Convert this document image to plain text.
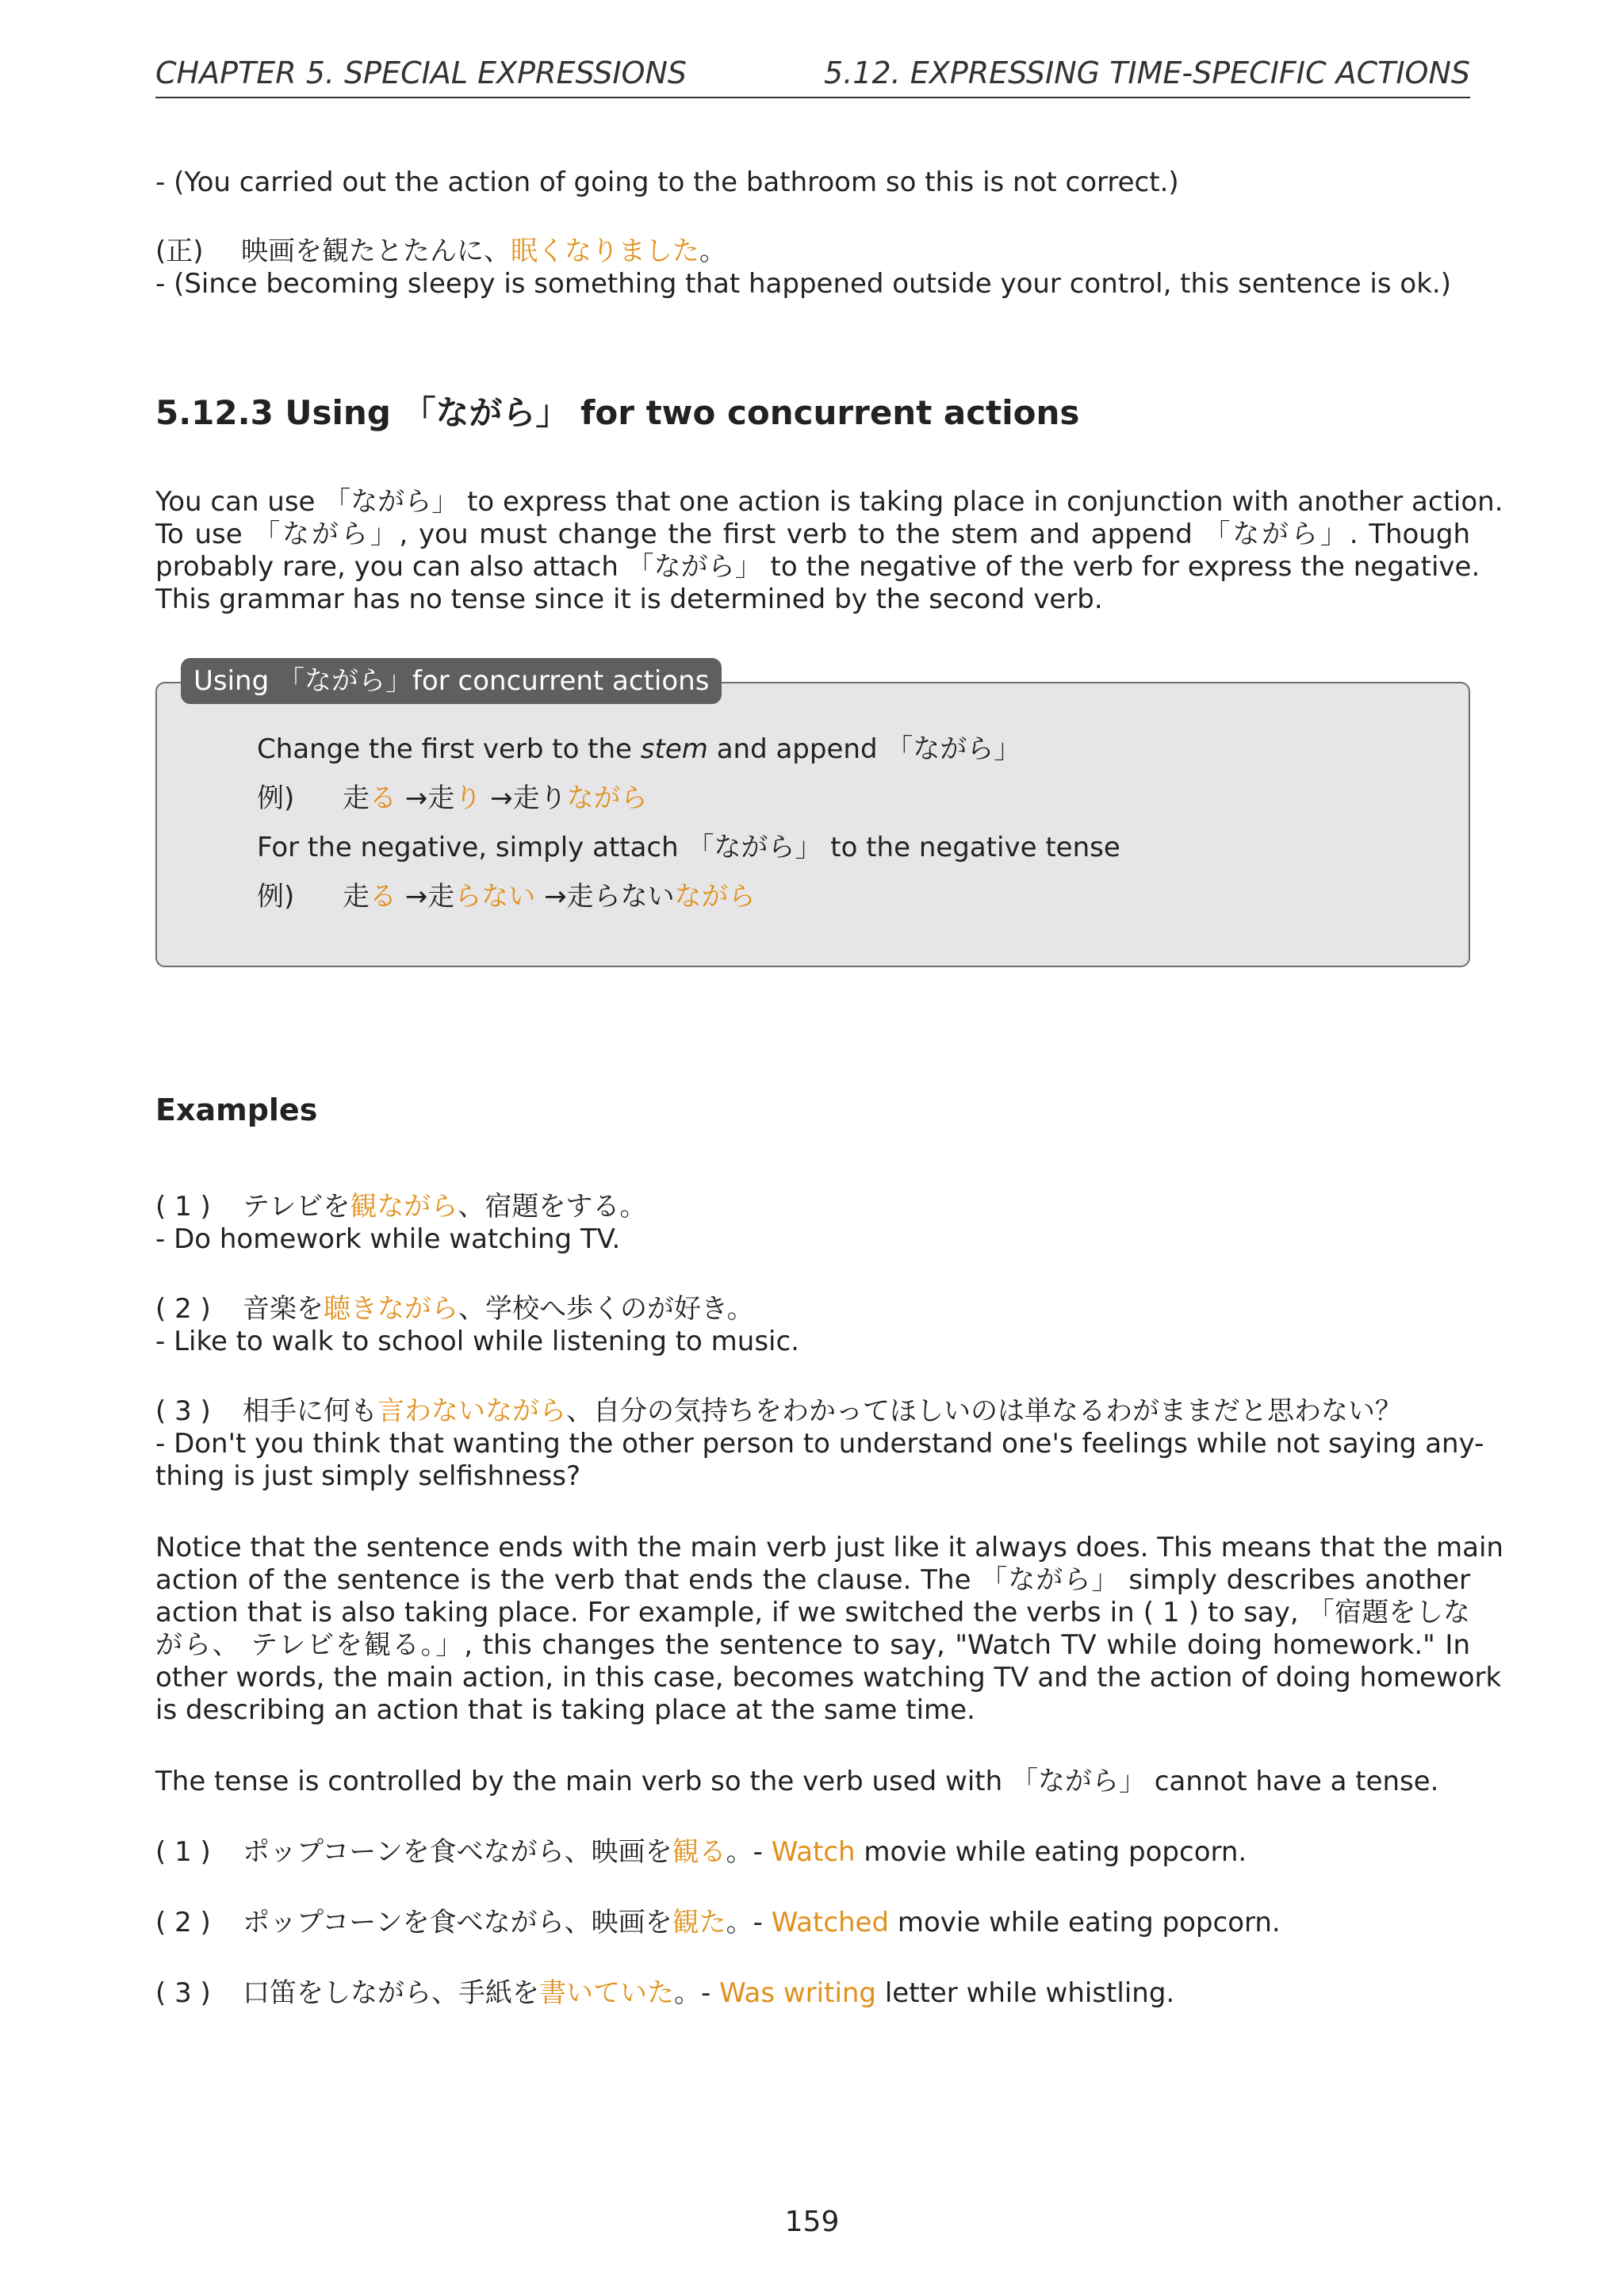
CHAPTER 5. SPECIAL EXPRESSIONS	5.12. EXPRESSING TIME-SPECIFIC ACTIONS
- (You carried out the action of going to the bathroom so this is not correct.)
(正) 映画を観たとたんに、眠くなりました。
- (Since becoming sleepy is something that happened outside your control, this sentence is ok.)
5.12.3 Using 「ながら」 for two concurrent actions
You can use 「ながら」 to express that one action is taking place in conjunction with another action.
To use 「ながら」, you must change the first verb to the stem and append 「ながら」. Though
probably rare, you can also attach 「ながら」 to the negative of the verb for express the negative.
This grammar has no tense since it is determined by the second verb.
Using 「ながら」for concurrent actions
Change the first verb to the stem and append 「ながら」
例) 走る →走り →走りながら
For the negative, simply attach 「ながら」 to the negative tense
例) 走る →走らない →走らないながら
Examples
( 1 ) テレビを観ながら、宿題をする。
- Do homework while watching TV.
( 2 ) 音楽を聴きながら、学校へ歩くのが好き。
- Like to walk to school while listening to music.
( 3 ) 相手に何も言わないながら、自分の気持ちをわかってほしいのは単なるわがままだと思わない？
- Don't you think that wanting the other person to understand one's feelings while not saying any-
thing is just simply selfishness?
Notice that the sentence ends with the main verb just like it always does. This means that the main
action of the sentence is the verb that ends the clause. The 「ながら」 simply describes another
action that is also taking place. For example, if we switched the verbs in ( 1 ) to say, 「宿題をしな
がら、 テレビを観る。」, this changes the sentence to say, "Watch TV while doing homework." In
other words, the main action, in this case, becomes watching TV and the action of doing homework
is describing an action that is taking place at the same time.
The tense is controlled by the main verb so the verb used with 「ながら」 cannot have a tense.
( 1 ) ポップコーンを食べながら、映画を観る。- Watch movie while eating popcorn.
( 2 ) ポップコーンを食べながら、映画を観た。- Watched movie while eating popcorn.
( 3 ) 口笛をしながら、手紙を書いていた。- Was writing letter while whistling.
159
